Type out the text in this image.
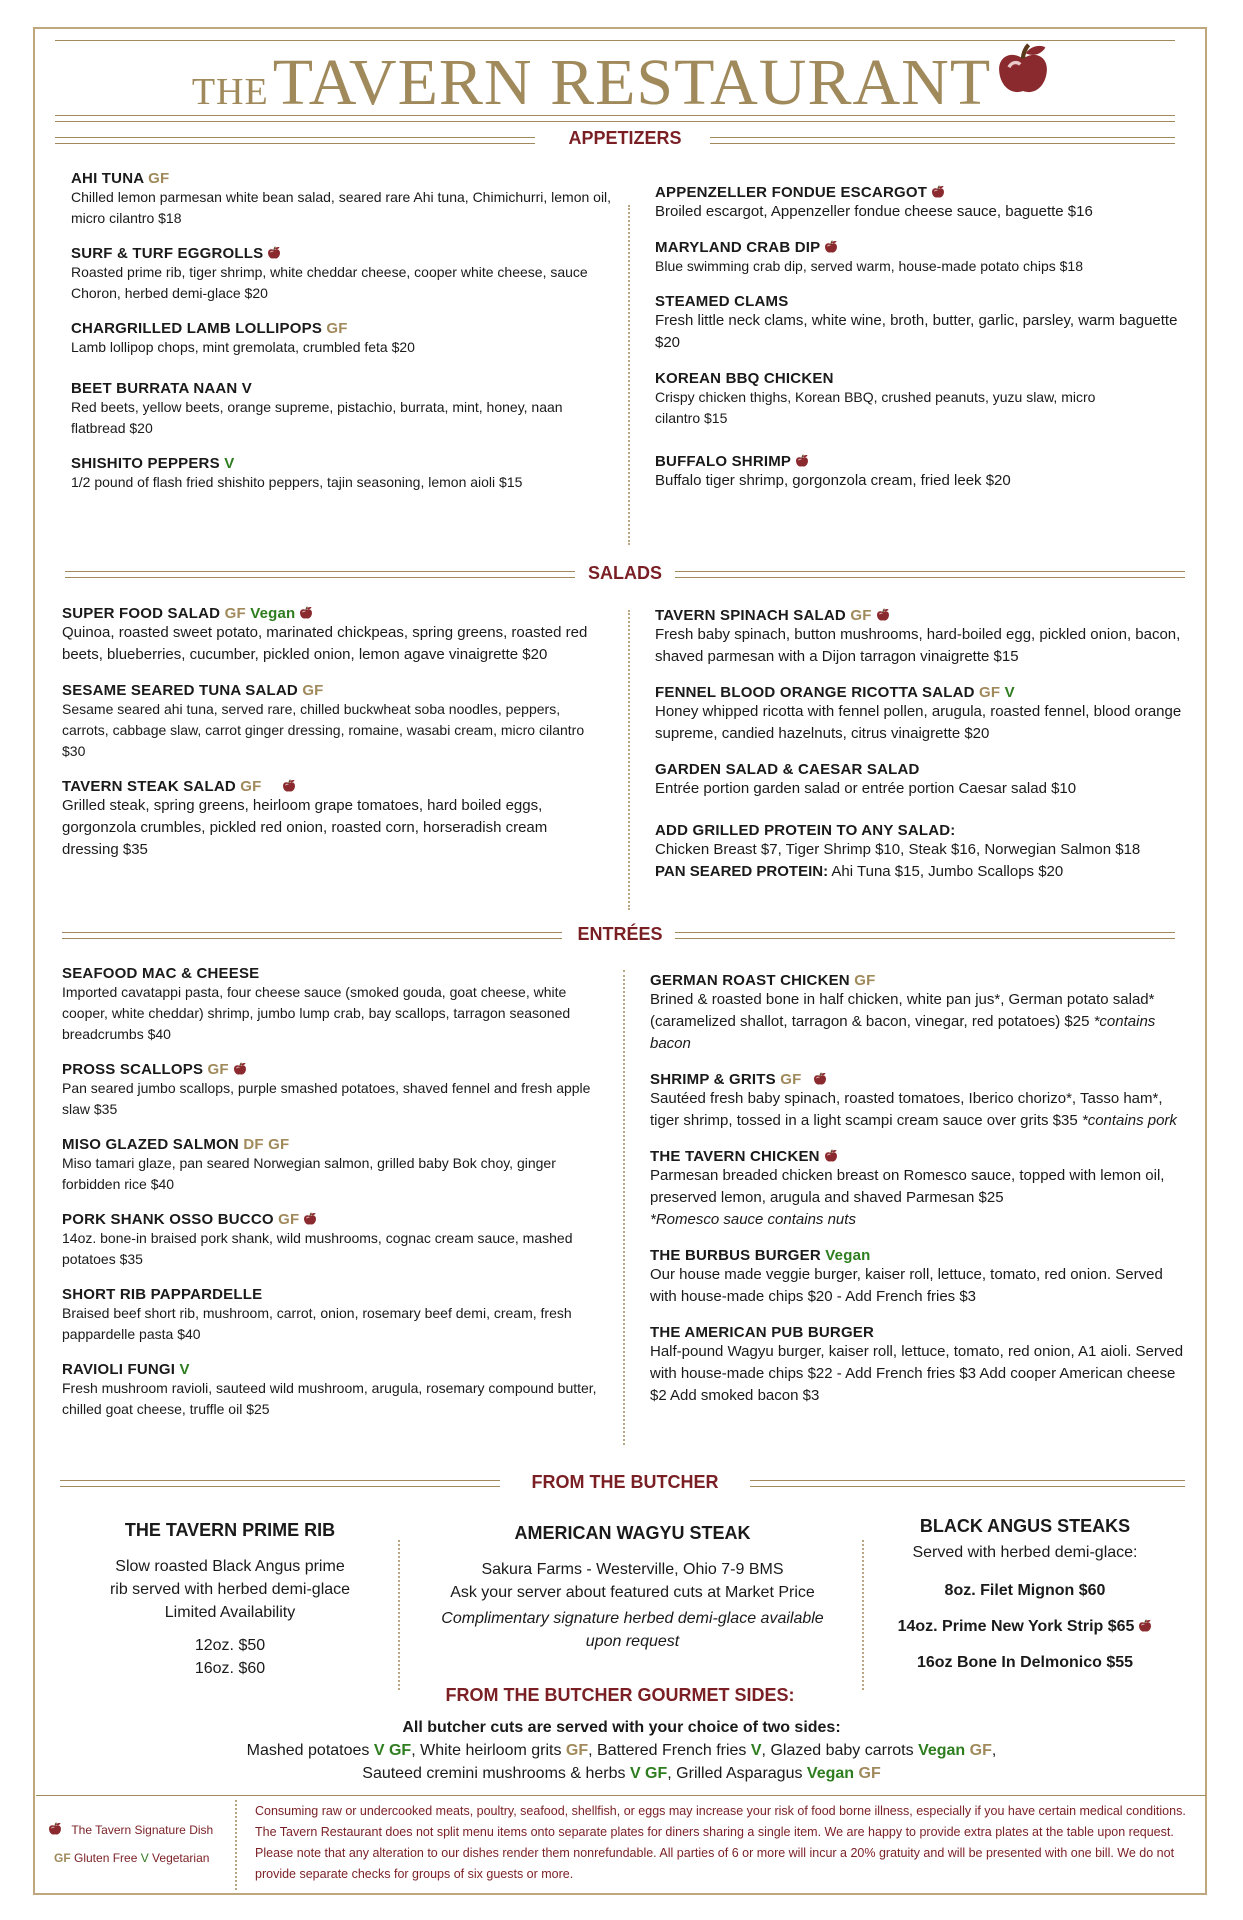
THE TAVERN RESTAURANT
APPETIZERS
AHI TUNA GF
Chilled lemon parmesan white bean salad, seared rare Ahi tuna, Chimichurri, lemon oil, micro cilantro $18
SURF & TURF EGGROLLS
Roasted prime rib, tiger shrimp, white cheddar cheese, cooper white cheese, sauce Choron, herbed demi-glace $20
CHARGRILLED LAMB LOLLIPOPS GF
Lamb lollipop chops, mint gremolata, crumbled feta $20
BEET BURRATA NAAN V
Red beets, yellow beets, orange supreme, pistachio, burrata, mint, honey, naan flatbread $20
SHISHITO PEPPERS V
1/2 pound of flash fried shishito peppers, tajin seasoning, lemon aioli $15
APPENZELLER FONDUE ESCARGOT
Broiled escargot, Appenzeller fondue cheese sauce, baguette $16
MARYLAND CRAB DIP
Blue swimming crab dip, served warm, house-made potato chips $18
STEAMED CLAMS
Fresh little neck clams, white wine, broth, butter, garlic, parsley, warm baguette $20
KOREAN BBQ CHICKEN
Crispy chicken thighs, Korean BBQ, crushed peanuts, yuzu slaw, micro cilantro $15
BUFFALO SHRIMP
Buffalo tiger shrimp, gorgonzola cream, fried leek $20
SALADS
SUPER FOOD SALAD GF Vegan
Quinoa, roasted sweet potato, marinated chickpeas, spring greens, roasted red beets, blueberries, cucumber, pickled onion, lemon agave vinaigrette $20
SESAME SEARED TUNA SALAD GF
Sesame seared ahi tuna, served rare, chilled buckwheat soba noodles, peppers, carrots, cabbage slaw, carrot ginger dressing, romaine, wasabi cream, micro cilantro $30
TAVERN STEAK SALAD GF
Grilled steak, spring greens, heirloom grape tomatoes, hard boiled eggs, gorgonzola crumbles, pickled red onion, roasted corn, horseradish cream dressing $35
TAVERN SPINACH SALAD GF
Fresh baby spinach, button mushrooms, hard-boiled egg, pickled onion, bacon, shaved parmesan with a Dijon tarragon vinaigrette $15
FENNEL BLOOD ORANGE RICOTTA SALAD GF V
Honey whipped ricotta with fennel pollen, arugula, roasted fennel, blood orange supreme, candied hazelnuts, citrus vinaigrette $20
GARDEN SALAD & CAESAR SALAD
Entrée portion garden salad or entrée portion Caesar salad $10
ADD GRILLED PROTEIN TO ANY SALAD:
Chicken Breast $7, Tiger Shrimp $10, Steak $16, Norwegian Salmon $18
PAN SEARED PROTEIN: Ahi Tuna $15, Jumbo Scallops $20
ENTRÉES
SEAFOOD MAC & CHEESE
Imported cavatappi pasta, four cheese sauce (smoked gouda, goat cheese, white cooper, white cheddar) shrimp, jumbo lump crab, bay scallops, tarragon seasoned breadcrumbs $40
PROSS SCALLOPS GF
Pan seared jumbo scallops, purple smashed potatoes, shaved fennel and fresh apple slaw $35
MISO GLAZED SALMON DF GF
Miso tamari glaze, pan seared Norwegian salmon, grilled baby Bok choy, ginger forbidden rice $40
PORK SHANK OSSO BUCCO GF
14oz. bone-in braised pork shank, wild mushrooms, cognac cream sauce, mashed potatoes $35
SHORT RIB PAPPARDELLE
Braised beef short rib, mushroom, carrot, onion, rosemary beef demi, cream, fresh pappardelle pasta $40
RAVIOLI FUNGI V
Fresh mushroom ravioli, sauteed wild mushroom, arugula, rosemary compound butter, chilled goat cheese, truffle oil $25
GERMAN ROAST CHICKEN GF
Brined & roasted bone in half chicken, white pan jus*, German potato salad* (caramelized shallot, tarragon & bacon, vinegar, red potatoes) $25 *contains bacon
SHRIMP & GRITS GF
Sautéed fresh baby spinach, roasted tomatoes, Iberico chorizo*, Tasso ham*, tiger shrimp, tossed in a light scampi cream sauce over grits $35 *contains pork
THE TAVERN CHICKEN
Parmesan breaded chicken breast on Romesco sauce, topped with lemon oil, preserved lemon, arugula and shaved Parmesan $25
*Romesco sauce contains nuts
THE BURBUS BURGER Vegan
Our house made veggie burger, kaiser roll, lettuce, tomato, red onion. Served with house-made chips $20 - Add French fries $3
THE AMERICAN PUB BURGER
Half-pound Wagyu burger, kaiser roll, lettuce, tomato, red onion, A1 aioli. Served with house-made chips $22 - Add French fries $3 Add cooper American cheese $2 Add smoked bacon $3
FROM THE BUTCHER
THE TAVERN PRIME RIB
Slow roasted Black Angus prime
rib served with herbed demi-glace
Limited Availability
12oz. $50
16oz. $60
AMERICAN WAGYU STEAK
Sakura Farms - Westerville, Ohio 7-9 BMS
Ask your server about featured cuts at Market Price
Complimentary signature herbed demi-glace available
upon request
BLACK ANGUS STEAKS
Served with herbed demi-glace:
8oz. Filet Mignon $60
14oz. Prime New York Strip $65
16oz Bone In Delmonico $55
FROM THE BUTCHER GOURMET SIDES:
All butcher cuts are served with your choice of two sides:
Mashed potatoes V GF, White heirloom grits GF, Battered French fries V, Glazed baby carrots Vegan GF,
Sauteed cremini mushrooms & herbs V GF, Grilled Asparagus Vegan GF
The Tavern Signature Dish
GF Gluten Free V Vegetarian
Consuming raw or undercooked meats, poultry, seafood, shellfish, or eggs may increase your risk of food borne illness, especially if you have certain medical conditions. The Tavern Restaurant does not split menu items onto separate plates for diners sharing a single item. We are happy to provide extra plates at the table upon request. Please note that any alteration to our dishes render them nonrefundable. All parties of 6 or more will incur a 20% gratuity and will be presented with one bill. We do not provide separate checks for groups of six guests or more.
